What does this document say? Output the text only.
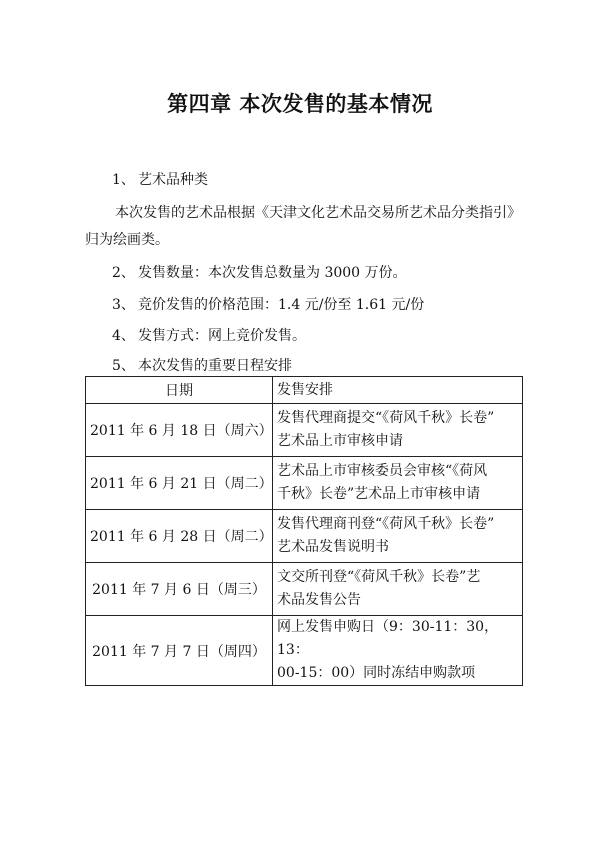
第四章 本次发售的基本情况
1、 艺术品种类
本次发售的艺术品根据《天津文化艺术品交易所艺术品分类指引》
归为绘画类。
2、 发售数量：本次发售总数量为 3000 万份。
3、 竞价发售的价格范围：1.4 元/份至 1.61 元/份
4、 发售方式：网上竞价发售。
5、 本次发售的重要日程安排
日期	发售安排
2011 年 6 月 18 日（周六）	发售代理商提交“《荷风千秋》长卷”
艺术品上市审核申请

2011 年 6 月 21 日（周二）	艺术品上市审核委员会审核“《荷风
千秋》长卷”艺术品上市审核申请

2011 年 6 月 28 日（周二）	发售代理商刊登“《荷风千秋》长卷”
艺术品发售说明书

2011 年 7 月 6 日（周三）	文交所刊登“《荷风千秋》长卷”艺
术品发售公告

2011 年 7 月 7 日（周四）	网上发售申购日（9：30-11：30，13：
00-15：00）同时冻结申购款项
